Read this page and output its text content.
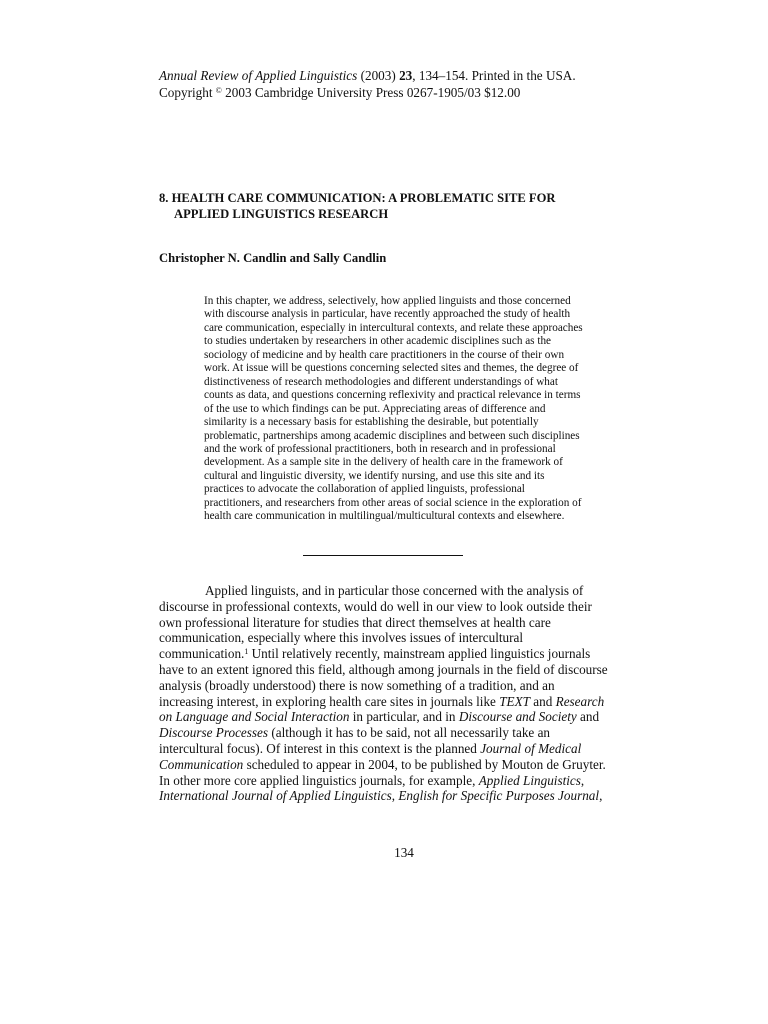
Annual Review of Applied Linguistics (2003) 23, 134–154. Printed in the USA.
Copyright © 2003 Cambridge University Press 0267-1905/03 $12.00
8. HEALTH CARE COMMUNICATION: A PROBLEMATIC SITE FOR
APPLIED LINGUISTICS RESEARCH
Christopher N. Candlin and Sally Candlin
In this chapter, we address, selectively, how applied linguists and those concerned
with discourse analysis in particular, have recently approached the study of health
care communication, especially in intercultural contexts, and relate these approaches
to studies undertaken by researchers in other academic disciplines such as the
sociology of medicine and by health care practitioners in the course of their own
work. At issue will be questions concerning selected sites and themes, the degree of
distinctiveness of research methodologies and different understandings of what
counts as data, and questions concerning reflexivity and practical relevance in terms
of the use to which findings can be put. Appreciating areas of difference and
similarity is a necessary basis for establishing the desirable, but potentially
problematic, partnerships among academic disciplines and between such disciplines
and the work of professional practitioners, both in research and in professional
development. As a sample site in the delivery of health care in the framework of
cultural and linguistic diversity, we identify nursing, and use this site and its
practices to advocate the collaboration of applied linguists, professional
practitioners, and researchers from other areas of social science in the exploration of
health care communication in multilingual/multicultural contexts and elsewhere.
Applied linguists, and in particular those concerned with the analysis of
discourse in professional contexts, would do well in our view to look outside their
own professional literature for studies that direct themselves at health care
communication, especially where this involves issues of intercultural
communication.$^1$ Until relatively recently, mainstream applied linguistics journals
have to an extent ignored this field, although among journals in the field of discourse
analysis (broadly understood) there is now something of a tradition, and an
increasing interest, in exploring health care sites in journals like TEXT and Research
on Language and Social Interaction in particular, and in Discourse and Society and
Discourse Processes (although it has to be said, not all necessarily take an
intercultural focus). Of interest in this context is the planned Journal of Medical
Communication scheduled to appear in 2004, to be published by Mouton de Gruyter.
In other more core applied linguistics journals, for example, Applied Linguistics,
International Journal of Applied Linguistics, English for Specific Purposes Journal,
134
